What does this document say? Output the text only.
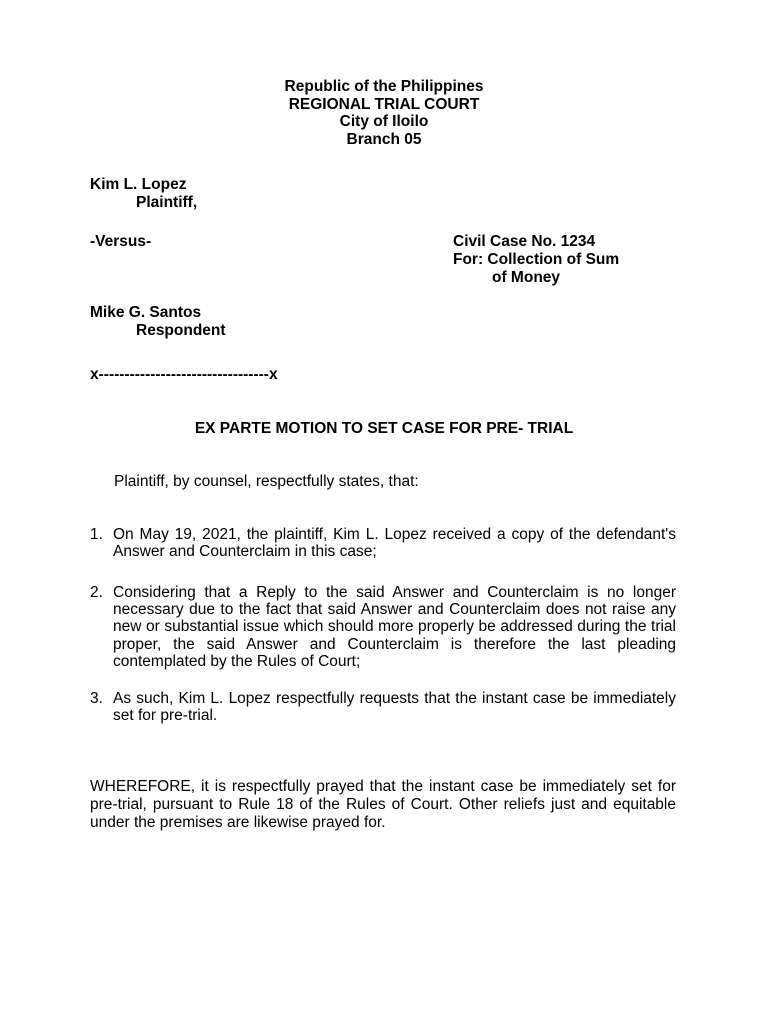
Republic of the Philippines
REGIONAL TRIAL COURT
City of Iloilo
Branch 05
Kim L. Lopez
Plaintiff,
-Versus-	Civil Case No. 1234
For: Collection of Sum
of Money
Mike G. Santos
Respondent
x---------------------------------x
EX PARTE MOTION TO SET CASE FOR PRE- TRIAL
Plaintiff, by counsel, respectfully states, that:
1. On May 19, 2021, the plaintiff, Kim L. Lopez received a copy of the defendant's Answer and Counterclaim in this case;
2. Considering that a Reply to the said Answer and Counterclaim is no longer necessary due to the fact that said Answer and Counterclaim does not raise any new or substantial issue which should more properly be addressed during the trial proper, the said Answer and Counterclaim is therefore the last pleading contemplated by the Rules of Court;
3. As such, Kim L. Lopez respectfully requests that the instant case be immediately set for pre-trial.
WHEREFORE, it is respectfully prayed that the instant case be immediately set for pre-trial, pursuant to Rule 18 of the Rules of Court. Other reliefs just and equitable under the premises are likewise prayed for.
